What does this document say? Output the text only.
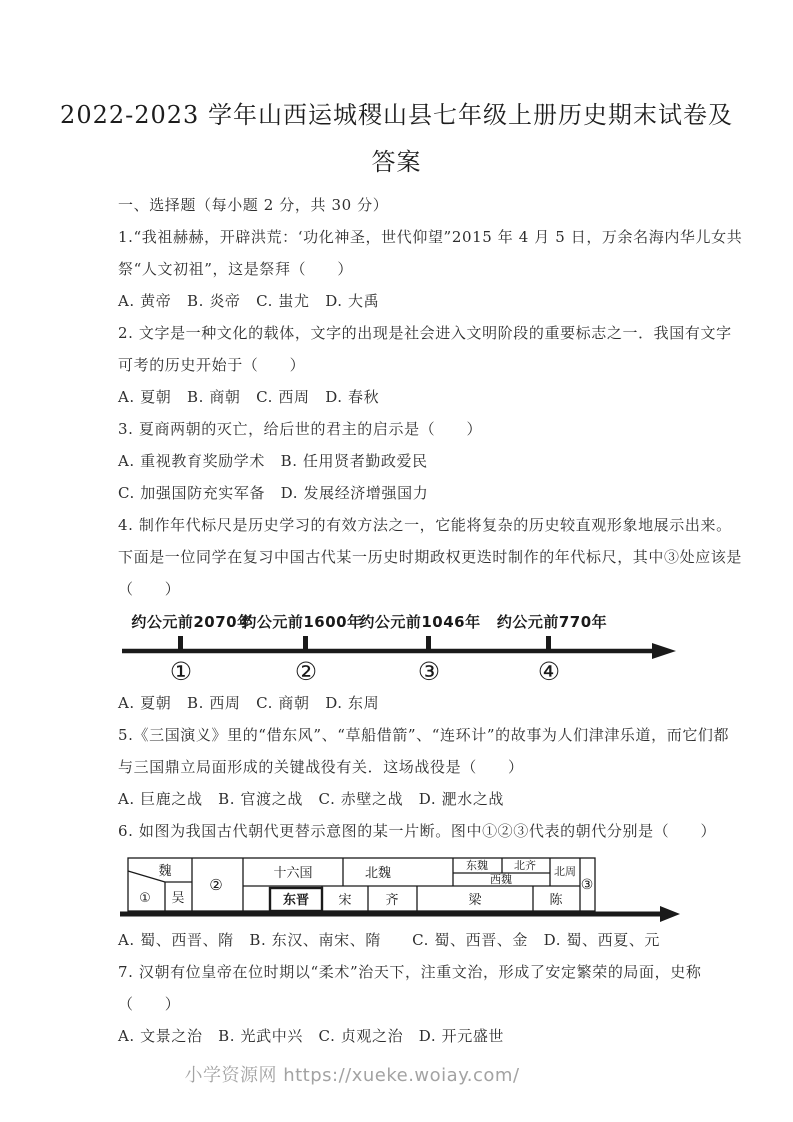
2022-2023 学年山西运城稷山县七年级上册历史期末试卷及
答案

一、选择题（每小题 2 分，共 30 分）

1.“我祖赫赫，开辟洪荒：‘功化神圣，世代仰望”2015 年 4 月 5 日，万余名海内华儿女共

祭“人文初祖”，这是祭拜（　　）

A. 黄帝　B. 炎帝　C. 蚩尤　D. 大禹

2. 文字是一种文化的载体，文字的出现是社会进入文明阶段的重要标志之一．我国有文字

可考的历史开始于（　　）

A. 夏朝　B. 商朝　C. 西周　D. 春秋

3. 夏商两朝的灭亡，给后世的君主的启示是（　　）

A. 重视教育奖励学术　B. 任用贤者勤政爱民

C. 加强国防充实军备　D. 发展经济增强国力

4. 制作年代标尺是历史学习的有效方法之一，它能将复杂的历史较直观形象地展示出来。

下面是一位同学在复习中国古代某一历史时期政权更迭时制作的年代标尺，其中③处应该是

（　　）

约公元前2070年
约公元前1600年
约公元前1046年 约公元前770年
①	②	③	④

A. 夏朝　B. 西周　C. 商朝　D. 东周

5.《三国演义》里的“借东风”、“草船借箭”、“连环计”的故事为人们津津乐道，而它们都

与三国鼎立局面形成的关键战役有关．这场战役是（　　）

A. 巨鹿之战　B. 官渡之战　C. 赤壁之战　D. 淝水之战

6. 如图为我国古代朝代更替示意图的某一片断。图中①②③代表的朝代分别是（　　）

魏
① 吴
②
十六国	北魏
东魏 北齐
西魏
北周
东晋 宋	齐	梁	陈
③

A. 蜀、西晋、隋　B. 东汉、南宋、隋　　C. 蜀、西晋、金　D. 蜀、西夏、元

7. 汉朝有位皇帝在位时期以“柔术”治天下，注重文治，形成了安定繁荣的局面，史称

（　　）

A. 文景之治　B. 光武中兴　C. 贞观之治　D. 开元盛世

小学资源网 https://xueke.woiay.com/
